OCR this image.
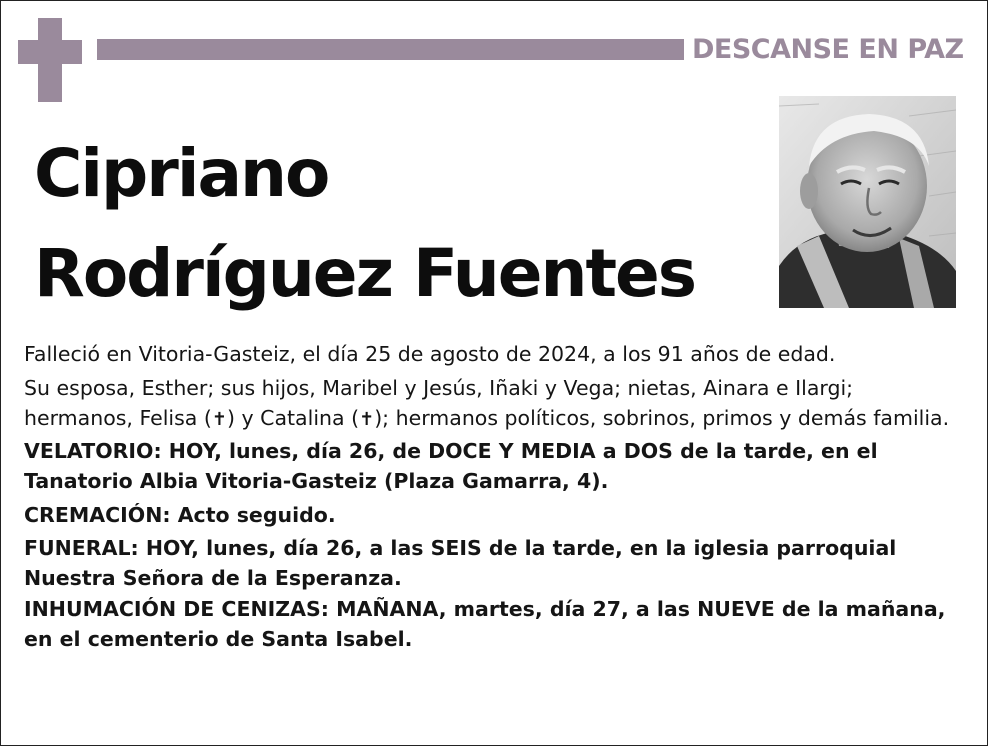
DESCANSE EN PAZ
Cipriano
Rodríguez Fuentes

Falleció en Vitoria-Gasteiz, el día 25 de agosto de 2024, a los 91 años de edad.

Su esposa, Esther; sus hijos, Maribel y Jesús, Iñaki y Vega; nietas, Ainara e Ilargi; hermanos, Felisa (✝) y Catalina (✝); hermanos políticos, sobrinos, primos y demás familia.

VELATORIO: HOY, lunes, día 26, de DOCE Y MEDIA a DOS de la tarde, en el Tanatorio Albia Vitoria-Gasteiz (Plaza Gamarra, 4).

CREMACIÓN: Acto seguido.

FUNERAL: HOY, lunes, día 26, a las SEIS de la tarde, en la iglesia parroquial Nuestra Señora de la Esperanza.

INHUMACIÓN DE CENIZAS: MAÑANA, martes, día 27, a las NUEVE de la mañana, en el cementerio de Santa Isabel.
